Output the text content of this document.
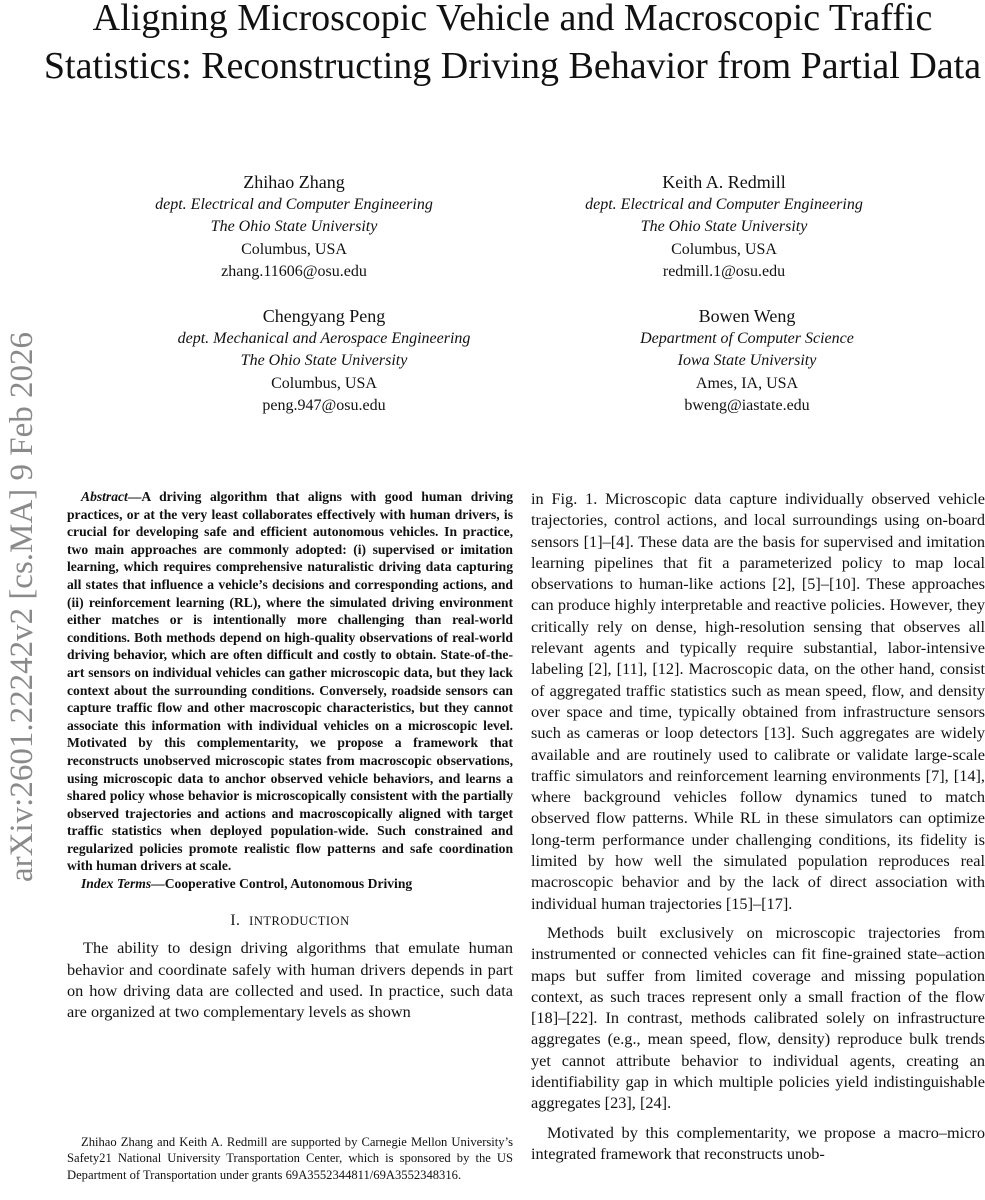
Aligning Microscopic Vehicle and Macroscopic Traffic Statistics: Reconstructing Driving Behavior from Partial Data
arXiv:2601.22242v2 [cs.MA] 9 Feb 2026
Zhihao Zhang
dept. Electrical and Computer Engineering
The Ohio State University
Columbus, USA
zhang.11606@osu.edu
Keith A. Redmill
dept. Electrical and Computer Engineering
The Ohio State University
Columbus, USA
redmill.1@osu.edu
Chengyang Peng
dept. Mechanical and Aerospace Engineering
The Ohio State University
Columbus, USA
peng.947@osu.edu
Bowen Weng
Department of Computer Science
Iowa State University
Ames, IA, USA
bweng@iastate.edu

Abstract—A driving algorithm that aligns with good human driving practices, or at the very least collaborates effectively with human drivers, is crucial for developing safe and efficient autonomous vehicles. In practice, two main approaches are commonly adopted: (i) supervised or imitation learning, which requires comprehensive naturalistic driving data capturing all states that influence a vehicle’s decisions and corresponding actions, and (ii) reinforcement learning (RL), where the simulated driving environment either matches or is intentionally more challenging than real-world conditions. Both methods depend on high-quality observations of real-world driving behavior, which are often difficult and costly to obtain. State-of-the-art sensors on individual vehicles can gather microscopic data, but they lack context about the surrounding conditions. Conversely, roadside sensors can capture traffic flow and other macroscopic characteristics, but they cannot associate this information with individual vehicles on a microscopic level. Motivated by this complementarity, we propose a framework that reconstructs unobserved microscopic states from macroscopic observations, using microscopic data to anchor observed vehicle behaviors, and learns a shared policy whose behavior is microscopically consistent with the partially observed trajectories and actions and macroscopically aligned with target traffic statistics when deployed population-wide. Such constrained and regularized policies promote realistic flow patterns and safe coordination with human drivers at scale.

Index Terms—Cooperative Control, Autonomous Driving

I. INTRODUCTION

The ability to design driving algorithms that emulate human behavior and coordinate safely with human drivers depends in part on how driving data are collected and used. In practice, such data are organized at two complementary levels as shown

Zhihao Zhang and Keith A. Redmill are supported by Carnegie Mellon University’s Safety21 National University Transportation Center, which is sponsored by the US Department of Transportation under grants 69A3552344811/69A3552348316.

in Fig. 1. Microscopic data capture individually observed vehicle trajectories, control actions, and local surroundings using on-board sensors [1]–[4]. These data are the basis for supervised and imitation learning pipelines that fit a parameterized policy to map local observations to human-like actions [2], [5]–[10]. These approaches can produce highly interpretable and reactive policies. However, they critically rely on dense, high-resolution sensing that observes all relevant agents and typically require substantial, labor-intensive labeling [2], [11], [12]. Macroscopic data, on the other hand, consist of aggregated traffic statistics such as mean speed, flow, and density over space and time, typically obtained from infrastructure sensors such as cameras or loop detectors [13]. Such aggregates are widely available and are routinely used to calibrate or validate large-scale traffic simulators and reinforcement learning environments [7], [14], where background vehicles follow dynamics tuned to match observed flow patterns. While RL in these simulators can optimize long-term performance under challenging conditions, its fidelity is limited by how well the simulated population reproduces real macroscopic behavior and by the lack of direct association with individual human trajectories [15]–[17].

Methods built exclusively on microscopic trajectories from instrumented or connected vehicles can fit fine-grained state–action maps but suffer from limited coverage and missing population context, as such traces represent only a small fraction of the flow [18]–[22]. In contrast, methods calibrated solely on infrastructure aggregates (e.g., mean speed, flow, density) reproduce bulk trends yet cannot attribute behavior to individual agents, creating an identifiability gap in which multiple policies yield indistinguishable aggregates [23], [24].

Motivated by this complementarity, we propose a macro–micro integrated framework that reconstructs unob-
